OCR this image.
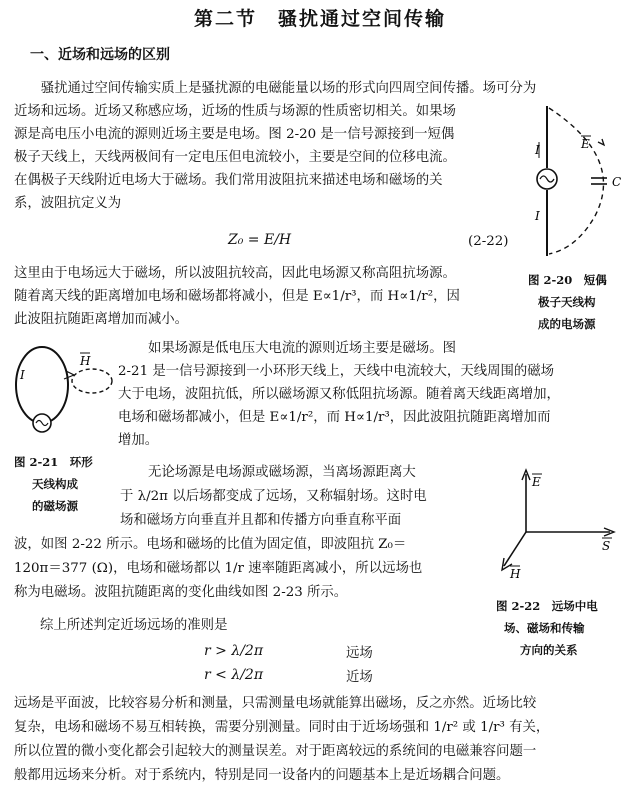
第二节　骚扰通过空间传输
一、近场和远场的区别
　　骚扰通过空间传输实质上是骚扰源的电磁能量以场的形式向四周空间传播。场可分为
近场和远场。近场又称感应场，近场的性质与场源的性质密切相关。如果场
源是高电压小电流的源则近场主要是电场。图 2-20 是一信号源接到一短偶
极子天线上，天线两极间有一定电压但电流较小，主要是空间的位移电流。
在偶极子天线附近电场大于磁场。我们常用波阻抗来描述电场和磁场的关
系，波阻抗定义为
Z₀ = E/H	(2-22)
这里由于电场远大于磁场，所以波阻抗较高，因此电场源又称高阻抗场源。
随着离天线的距离增加电场和磁场都将减小，但是 E∝1/r³，而 H∝1/r²，因
此波阻抗随距离增加而减小。
如果场源是低电压大电流的源则近场主要是磁场。图
2-21 是一信号源接到一小环形天线上，天线中电流较大，天线周围的磁场
大于电场，波阻抗低，所以磁场源又称低阻抗场源。随着离天线距离增加，
电场和磁场都减小，但是 E∝1/r²，而 H∝1/r³，因此波阻抗随距离增加而
增加。
无论场源是电场源或磁场源，当离场源距离大
于 λ/2π 以后场都变成了远场，又称辐射场。这时电
场和磁场方向垂直并且都和传播方向垂直称平面
波，如图 2-22 所示。电场和磁场的比值为固定值，即波阻抗 Z₀＝
120π＝377 (Ω)，电场和磁场都以 1/r 速率随距离减小，所以远场也
称为电磁场。波阻抗随距离的变化曲线如图 2-23 所示。
综上所述判定近场远场的准则是
r > λ/2π	远场
r < λ/2π	近场
远场是平面波，比较容易分析和测量，只需测量电场就能算出磁场，反之亦然。近场比较
复杂，电场和磁场不易互相转换，需要分别测量。同时由于近场场强和 1/r² 或 1/r³ 有关，
所以位置的微小变化都会引起较大的测量误差。对于距离较远的系统间的电磁兼容问题一
般都用远场来分析。对于系统内，特别是同一设备内的问题基本上是近场耦合问题。
I
I
E
C
图 2-20　短偶
极子天线构
成的电场源
I
H
图 2-21　环形
天线构成
的磁场源
E
S
H
图 2-22　远场中电
场、磁场和传输
方向的关系
